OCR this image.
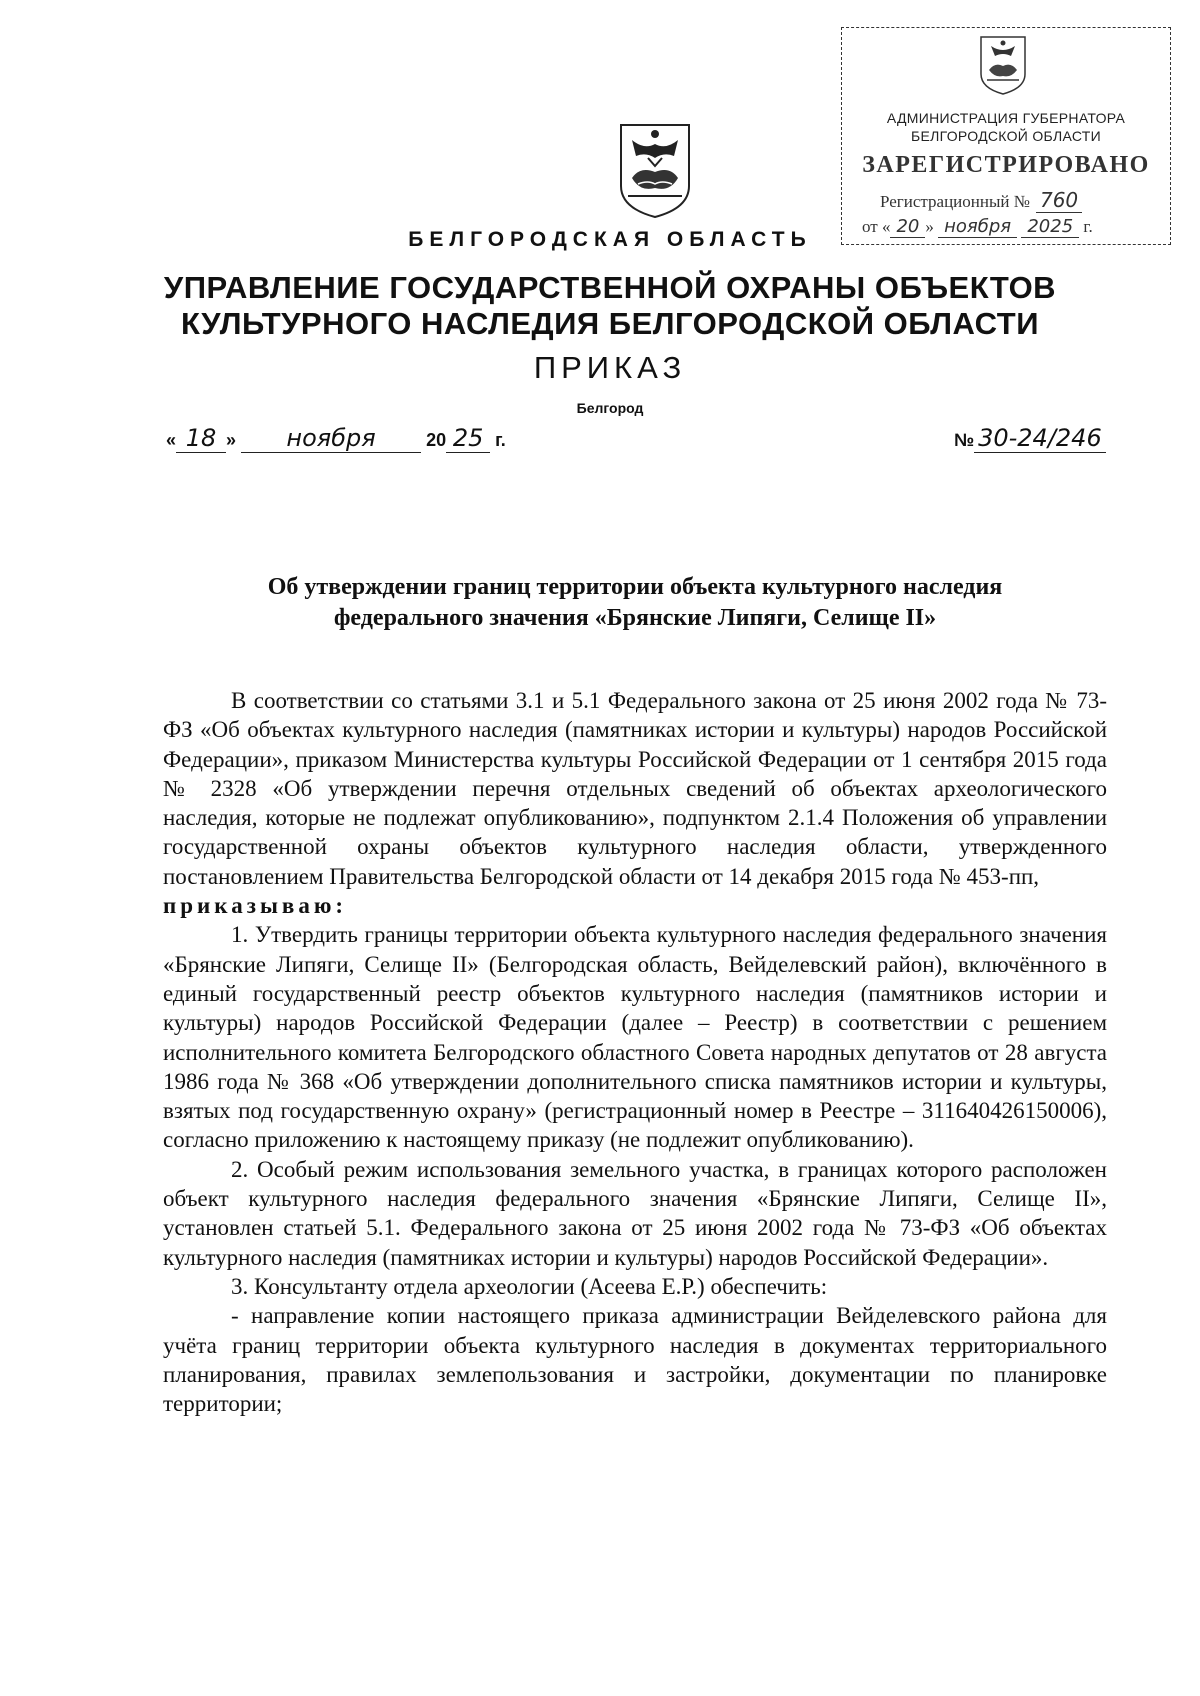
АДМИНИСТРАЦИЯ ГУБЕРНАТОРА
БЕЛГОРОДСКОЙ ОБЛАСТИ
ЗАРЕГИСТРИРОВАНО
Регистрационный № 760
от « 20 » ноября 2025 г.
БЕЛГОРОДСКАЯ ОБЛАСТЬ
УПРАВЛЕНИЕ ГОСУДАРСТВЕННОЙ ОХРАНЫ ОБЪЕКТОВ
КУЛЬТУРНОГО НАСЛЕДИЯ БЕЛГОРОДСКОЙ ОБЛАСТИ
ПРИКАЗ
Белгород
« 18 » ноября	20 25 г.	№ 30-24/246
Об утверждении границ территории объекта культурного наследия
федерального значения «Брянские Липяги, Селище II»

В соответствии со статьями 3.1 и 5.1 Федерального закона от 25 июня 2002 года № 73-ФЗ «Об объектах культурного наследия (памятниках истории и культуры) народов Российской Федерации», приказом Министерства культуры Российской Федерации от 1 сентября 2015 года № 2328 «Об утверждении перечня отдельных сведений об объектах археологического наследия, которые не подлежат опубликованию», подпунктом 2.1.4 Положения об управлении государственной охраны объектов культурного наследия области, утвержденного постановлением Правительства Белгородской области от 14 декабря 2015 года № 453-пп,

приказываю:

1. Утвердить границы территории объекта культурного наследия федерального значения «Брянские Липяги, Селище II» (Белгородская область, Вейделевский район), включённого в единый государственный реестр объектов культурного наследия (памятников истории и культуры) народов Российской Федерации (далее – Реестр) в соответствии с решением исполнительного комитета Белгородского областного Совета народных депутатов от 28 августа 1986 года № 368 «Об утверждении дополнительного списка памятников истории и культуры, взятых под государственную охрану» (регистрационный номер в Реестре – 311640426150006), согласно приложению к настоящему приказу (не подлежит опубликованию).

2. Особый режим использования земельного участка, в границах которого расположен объект культурного наследия федерального значения «Брянские Липяги, Селище II», установлен статьей 5.1. Федерального закона от 25 июня 2002 года № 73-ФЗ «Об объектах культурного наследия (памятниках истории и культуры) народов Российской Федерации».

3. Консультанту отдела археологии (Асеева Е.Р.) обеспечить:

- направление копии настоящего приказа администрации Вейделевского района для учёта границ территории объекта культурного наследия в документах территориального планирования, правилах землепользования и застройки, документации по планировке территории;
